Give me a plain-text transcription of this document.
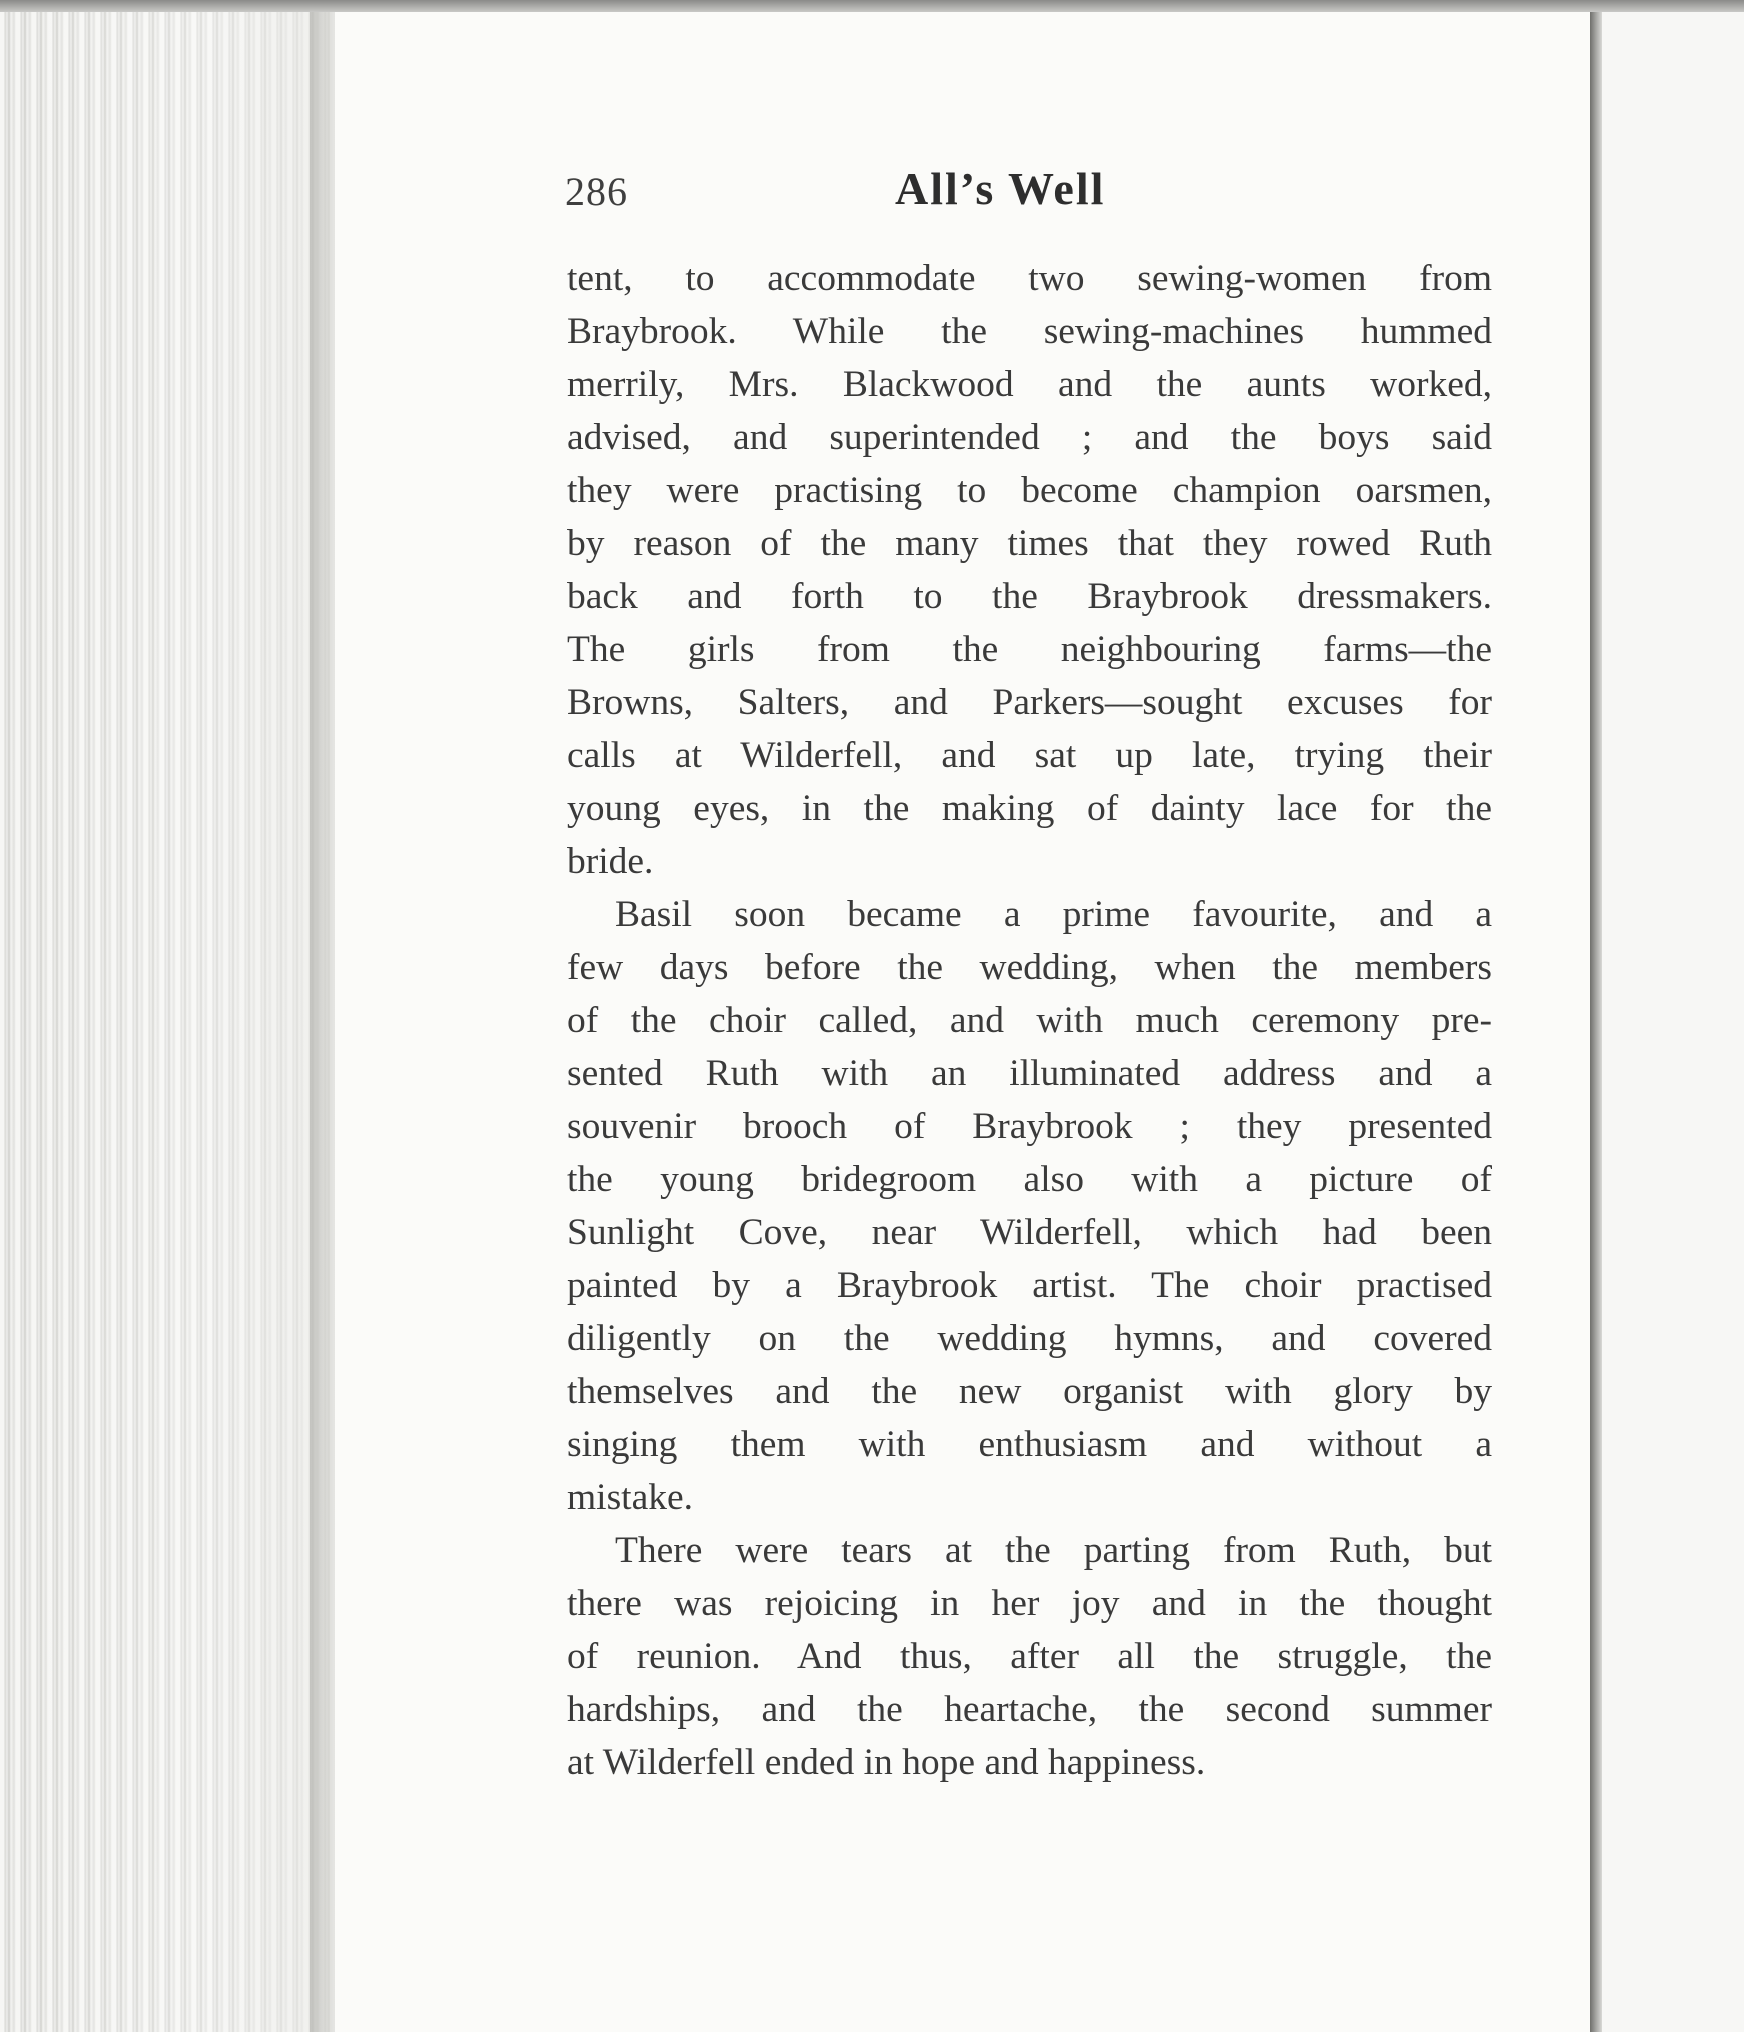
286	All’s Well
tent, to accommodate two sewing-women from
Braybrook. While the sewing-machines hummed
merrily, Mrs. Blackwood and the aunts worked,
advised, and superintended ; and the boys said
they were practising to become champion oarsmen,
by reason of the many times that they rowed Ruth
back and forth to the Braybrook dressmakers.
The girls from the neighbouring farms—the
Browns, Salters, and Parkers—sought excuses for
calls at Wilderfell, and sat up late, trying their
young eyes, in the making of dainty lace for the
bride.
Basil soon became a prime favourite, and a
few days before the wedding, when the members
of the choir called, and with much ceremony pre-
sented Ruth with an illuminated address and a
souvenir brooch of Braybrook ; they presented
the young bridegroom also with a picture of
Sunlight Cove, near Wilderfell, which had been
painted by a Braybrook artist. The choir practised
diligently on the wedding hymns, and covered
themselves and the new organist with glory by
singing them with enthusiasm and without a
mistake.
There were tears at the parting from Ruth, but
there was rejoicing in her joy and in the thought
of reunion. And thus, after all the struggle, the
hardships, and the heartache, the second summer
at Wilderfell ended in hope and happiness.
